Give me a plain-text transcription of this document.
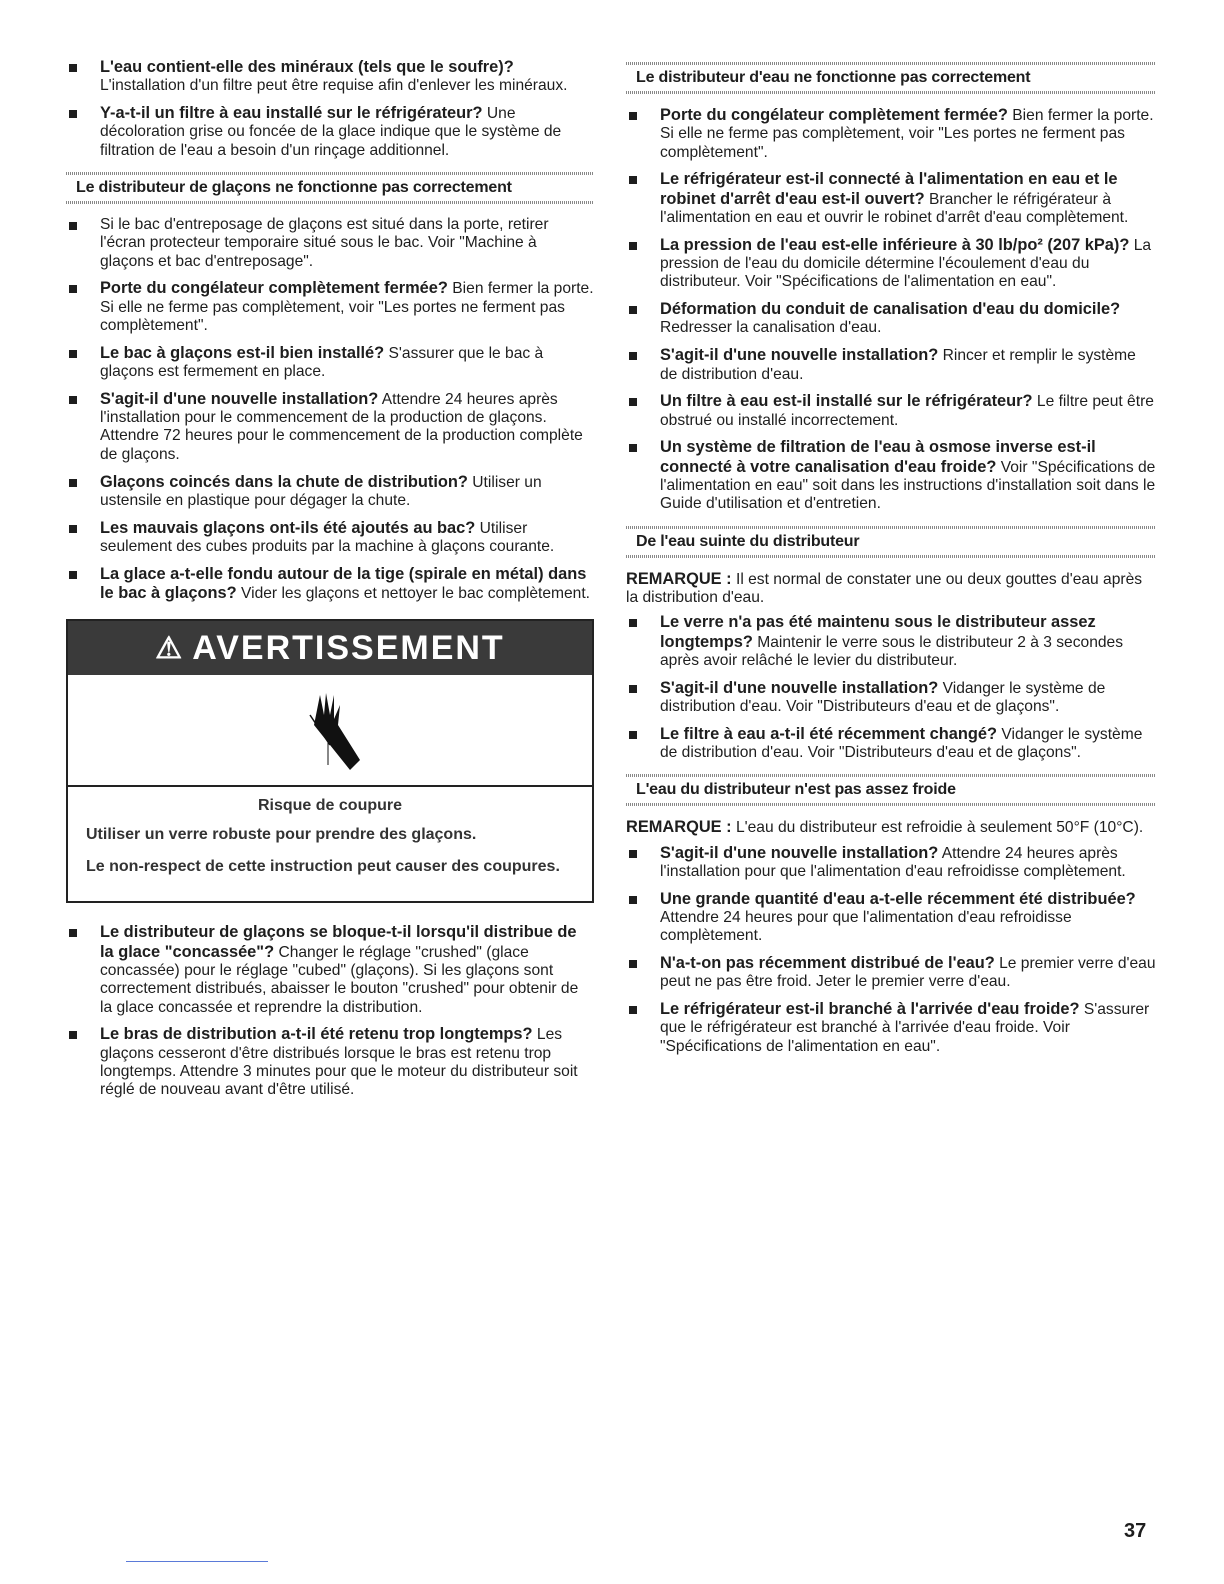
L'eau contient-elle des minéraux (tels que le soufre)? L'installation d'un filtre peut être requise afin d'enlever les minéraux.
Y-a-t-il un filtre à eau installé sur le réfrigérateur? Une décoloration grise ou foncée de la glace indique que le système de filtration de l'eau a besoin d'un rinçage additionnel.
Le distributeur de glaçons ne fonctionne pas correctement
Si le bac d'entreposage de glaçons est situé dans la porte, retirer l'écran protecteur temporaire situé sous le bac. Voir "Machine à glaçons et bac d'entreposage".
Porte du congélateur complètement fermée? Bien fermer la porte. Si elle ne ferme pas complètement, voir "Les portes ne ferment pas complètement".
Le bac à glaçons est-il bien installé? S'assurer que le bac à glaçons est fermement en place.
S'agit-il d'une nouvelle installation? Attendre 24 heures après l'installation pour le commencement de la production de glaçons. Attendre 72 heures pour le commencement de la production complète de glaçons.
Glaçons coincés dans la chute de distribution? Utiliser un ustensile en plastique pour dégager la chute.
Les mauvais glaçons ont-ils été ajoutés au bac? Utiliser seulement des cubes produits par la machine à glaçons courante.
La glace a-t-elle fondu autour de la tige (spirale en métal) dans le bac à glaçons? Vider les glaçons et nettoyer le bac complètement.
⚠ AVERTISSEMENT
Risque de coupure
Utiliser un verre robuste pour prendre des glaçons.
Le non-respect de cette instruction peut causer des coupures.
Le distributeur de glaçons se bloque-t-il lorsqu'il distribue de la glace "concassée"? Changer le réglage "crushed" (glace concassée) pour le réglage "cubed" (glaçons). Si les glaçons sont correctement distribués, abaisser le bouton "crushed" pour obtenir de la glace concassée et reprendre la distribution.
Le bras de distribution a-t-il été retenu trop longtemps? Les glaçons cesseront d'être distribués lorsque le bras est retenu trop longtemps. Attendre 3 minutes pour que le moteur du distributeur soit réglé de nouveau avant d'être utilisé.
Le distributeur d'eau ne fonctionne pas correctement
Porte du congélateur complètement fermée? Bien fermer la porte. Si elle ne ferme pas complètement, voir "Les portes ne ferment pas complètement".
Le réfrigérateur est-il connecté à l'alimentation en eau et le robinet d'arrêt d'eau est-il ouvert? Brancher le réfrigérateur à l'alimentation en eau et ouvrir le robinet d'arrêt d'eau complètement.
La pression de l'eau est-elle inférieure à 30 lb/po² (207 kPa)? La pression de l'eau du domicile détermine l'écoulement d'eau du distributeur. Voir "Spécifications de l'alimentation en eau".
Déformation du conduit de canalisation d'eau du domicile? Redresser la canalisation d'eau.
S'agit-il d'une nouvelle installation? Rincer et remplir le système de distribution d'eau.
Un filtre à eau est-il installé sur le réfrigérateur? Le filtre peut être obstrué ou installé incorrectement.
Un système de filtration de l'eau à osmose inverse est-il connecté à votre canalisation d'eau froide? Voir "Spécifications de l'alimentation en eau" soit dans les instructions d'installation soit dans le Guide d'utilisation et d'entretien.
De l'eau suinte du distributeur
REMARQUE : Il est normal de constater une ou deux gouttes d'eau après la distribution d'eau.
Le verre n'a pas été maintenu sous le distributeur assez longtemps? Maintenir le verre sous le distributeur 2 à 3 secondes après avoir relâché le levier du distributeur.
S'agit-il d'une nouvelle installation? Vidanger le système de distribution d'eau. Voir "Distributeurs d'eau et de glaçons".
Le filtre à eau a-t-il été récemment changé? Vidanger le système de distribution d'eau. Voir "Distributeurs d'eau et de glaçons".
L'eau du distributeur n'est pas assez froide
REMARQUE : L'eau du distributeur est refroidie à seulement 50°F (10°C).
S'agit-il d'une nouvelle installation? Attendre 24 heures après l'installation pour que l'alimentation d'eau refroidisse complètement.
Une grande quantité d'eau a-t-elle récemment été distribuée? Attendre 24 heures pour que l'alimentation d'eau refroidisse complètement.
N'a-t-on pas récemment distribué de l'eau? Le premier verre d'eau peut ne pas être froid. Jeter le premier verre d'eau.
Le réfrigérateur est-il branché à l'arrivée d'eau froide? S'assurer que le réfrigérateur est branché à l'arrivée d'eau froide. Voir "Spécifications de l'alimentation en eau".
37
